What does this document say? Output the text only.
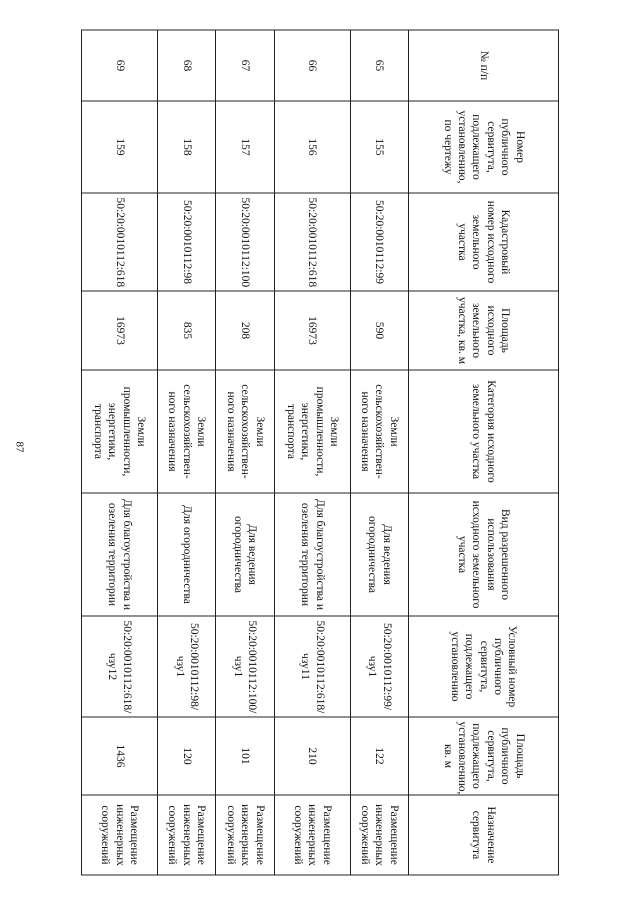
87
№ п/п	Номер публичного сервитута, подлежащего установлению, по чертежу	Кадастровый номер исходного земельного участка	Площадь исходного земельного участка, кв. м	Категория исходного земельного участка	Вид разрешенного использования исходного земельного участка	Условный номер публичного сервитута, подлежащего установлению	Площадь публичного сервитута, подлежащего установлению, кв. м	Назначение сервитута
65	155	50:20:0010112:99	590	Земли сельскохозяйствен-ного назначения	Для ведения огородничества	50:20:0010112:99/чзу1	122	Размещение инженерных сооружений
66	156	50:20:0010112:618	16973	Земли промышленности, энергетики, транспорта	Для благоустройства и озеления территории	50:20:0010112:618/чзу11	210	Размещение инженерных сооружений
67	157	50:20:0010112:100	208	Земли сельскохозяйствен-ного назначения	Для ведения огородничества	50:20:0010112:100/чзу1	101	Размещение инженерных сооружений
68	158	50:20:0010112:98	835	Земли сельскохозяйствен-ного назначения	Для огородничества	50:20:0010112:98/чзу1	120	Размещение инженерных сооружений
69	159	50:20:0010112:618	16973	Земли промышленности, энергетики, транспорта	Для благоустройства и озеления территории	50:20:0010112:618/чзу12	1436	Размещение инженерных сооружений
